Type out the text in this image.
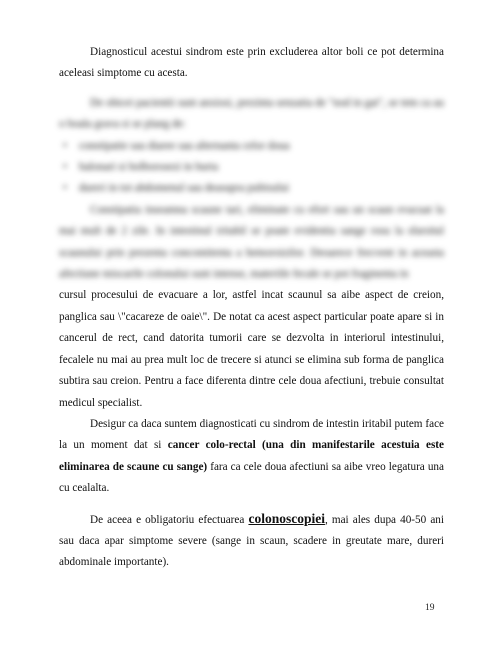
Diagnosticul acestui sindrom este prin excluderea altor boli ce pot determina aceleasi simptome cu acesta.

De obicei pacientii sunt anxiosi, prezinta senzatia de "nod in gat", se tem ca au o boala grava si se plang de:

• constipatie sau diaree sau alternanta celor doua
• balonari si bolborosezi in burta
• dureri in tot abdomenul sau deasupra pubisului

Constipatia inseamna scaune tari, eliminate cu efort sau un scaun evacuat la mai mult de 2 zile. In intestinul iritabil se poate evidentia sange rosu la sfarsitul scaunului prin prezenta concomitenta a hemoroizilor. Deoarece frecvent in aceasta afectiune miscarile colonului sunt intense, materiile fecale se pot fragmenta in

cursul procesului de evacuare a lor, astfel incat scaunul sa aibe aspect de creion, panglica sau \"cacareze de oaie\". De notat ca acest aspect particular poate apare si in cancerul de rect, cand datorita tumorii care se dezvolta in interiorul intestinului, fecalele nu mai au prea mult loc de trecere si atunci se elimina sub forma de panglica subtira sau creion. Pentru a face diferenta dintre cele doua afectiuni, trebuie consultat medicul specialist.

Desigur ca daca suntem diagnosticati cu sindrom de intestin iritabil putem face la un moment dat si cancer colo-rectal (una din manifestarile acestuia este eliminarea de scaune cu sange) fara ca cele doua afectiuni sa aibe vreo legatura una cu cealalta.

De aceea e obligatoriu efectuarea colonoscopiei, mai ales dupa 40-50 ani sau daca apar simptome severe (sange in scaun, scadere in greutate mare, dureri abdominale importante).

19
